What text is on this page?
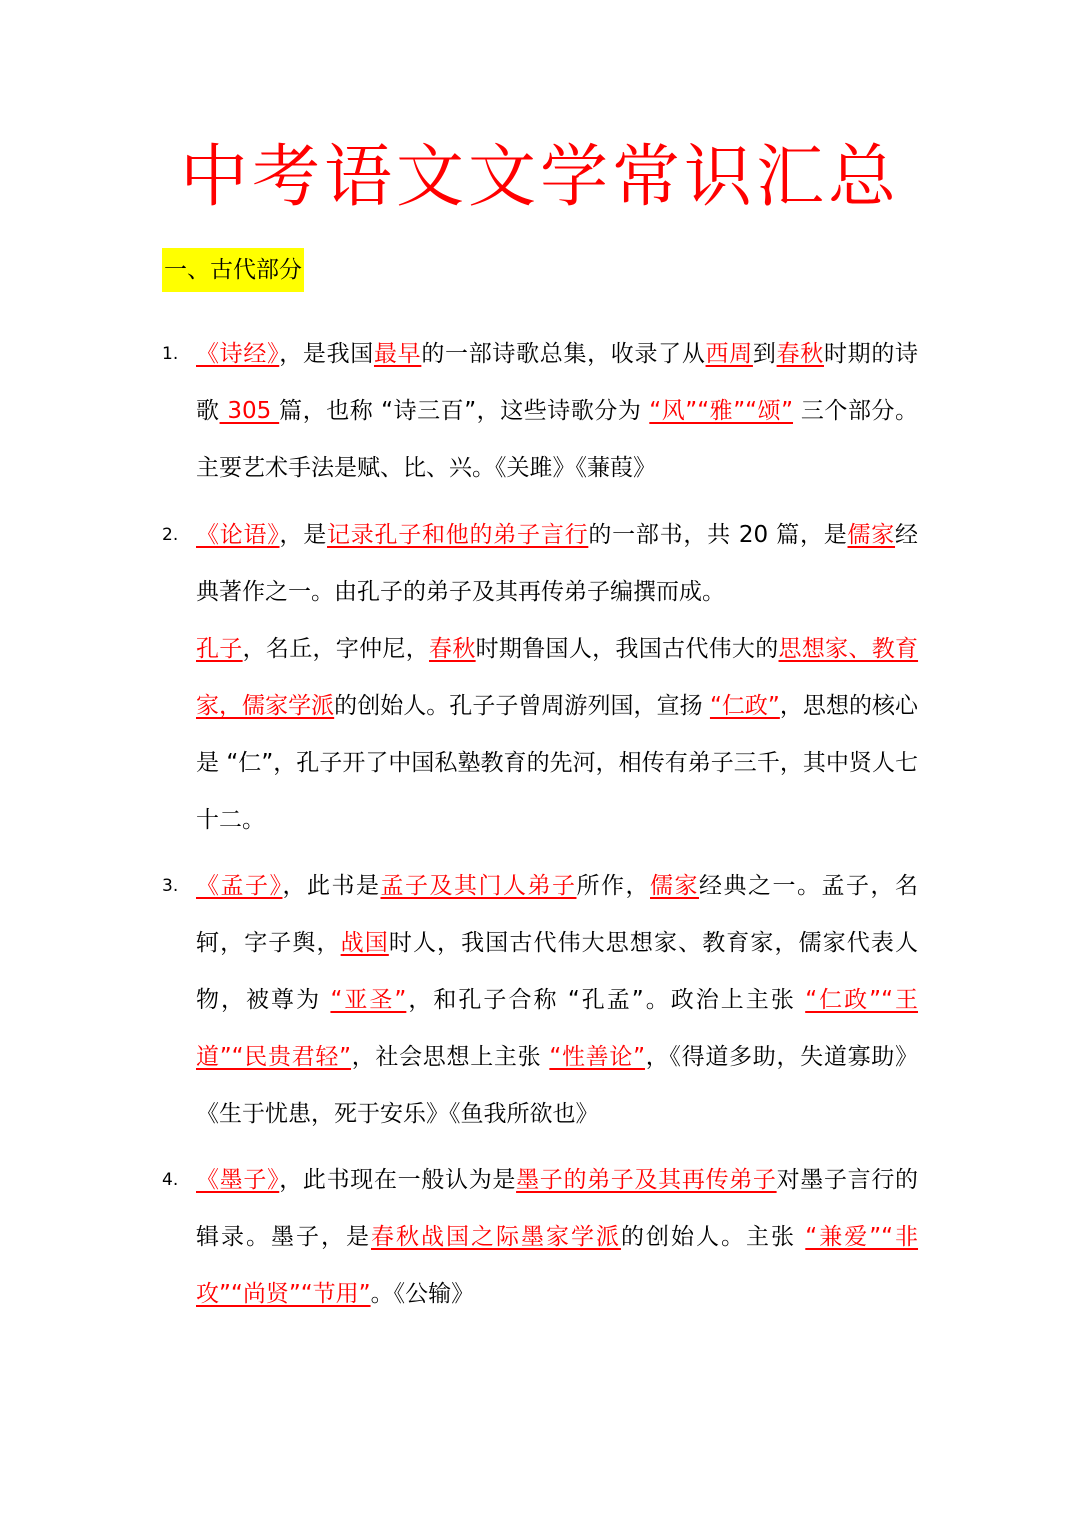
中考语文文学常识汇总
一、古代部分
1. 《诗经》，是我国最早的一部诗歌总集，收录了从西周到春秋时期的诗歌 305 篇，也称 “诗三百”，这些诗歌分为 “风”“雅”“颂” 三个部分。主要艺术手法是赋、比、兴。《关雎》《蒹葭》
2. 《论语》，是记录孔子和他的弟子言行的一部书，共 20 篇，是儒家经典著作之一。由孔子的弟子及其再传弟子编撰而成。
孔子，名丘，字仲尼，春秋时期鲁国人，我国古代伟大的思想家、教育家，儒家学派的创始人。孔子子曾周游列国，宣扬 “仁政”，思想的核心是 “仁”，孔子开了中国私塾教育的先河，相传有弟子三千，其中贤人七十二。
3. 《孟子》，此书是孟子及其门人弟子所作，儒家经典之一。孟子，名轲，字子舆，战国时人，我国古代伟大思想家、教育家，儒家代表人物，被尊为 “亚圣”，和孔子合称 “孔孟”。政治上主张 “仁政”“王道”“民贵君轻”，社会思想上主张 “性善论”，《得道多助，失道寡助》《生于忧患，死于安乐》《鱼我所欲也》
4. 《墨子》，此书现在一般认为是墨子的弟子及其再传弟子对墨子言行的辑录。墨子，是春秋战国之际墨家学派的创始人。主张 “兼爱”“非攻”“尚贤”“节用”。《公输》
